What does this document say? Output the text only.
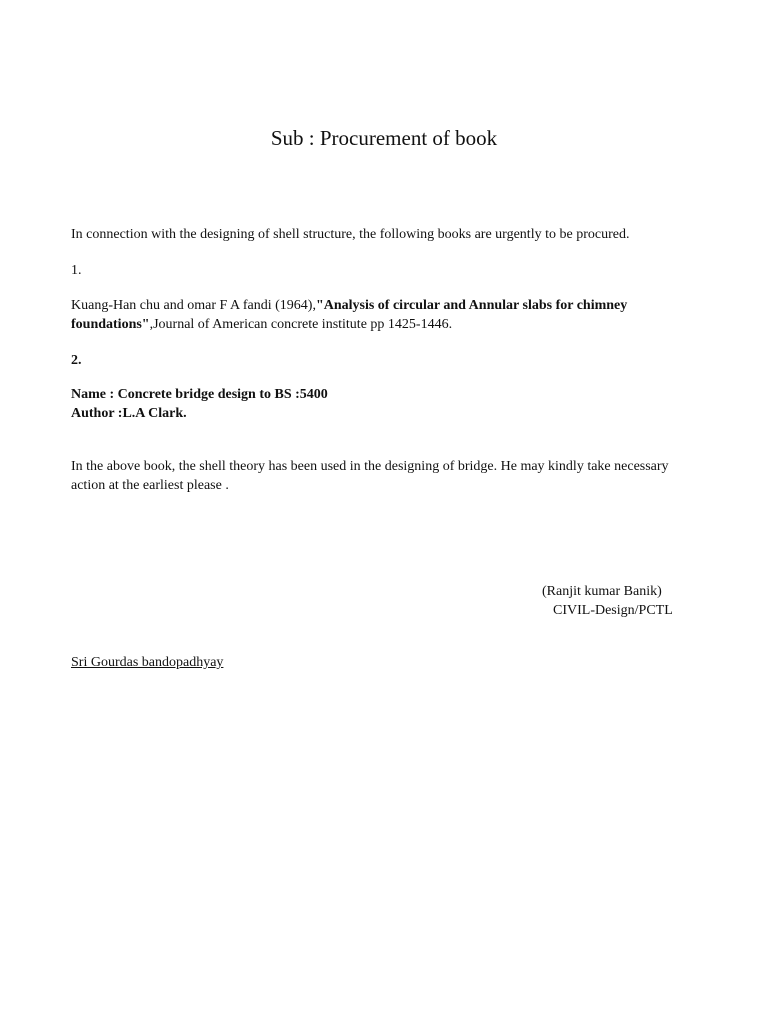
Sub : Procurement of book
In connection with the designing of shell structure, the following books are urgently to be procured.
1.
Kuang-Han chu and omar F A fandi (1964),"Analysis of circular and Annular slabs for chimney foundations",Journal of American concrete institute pp 1425-1446.
2.
Name : Concrete bridge design to BS :5400
Author :L.A Clark.
In the above book, the shell theory has been used in the designing of bridge. He may kindly take necessary action at the earliest please .
(Ranjit kumar Banik)
CIVIL-Design/PCTL
Sri Gourdas bandopadhyay
